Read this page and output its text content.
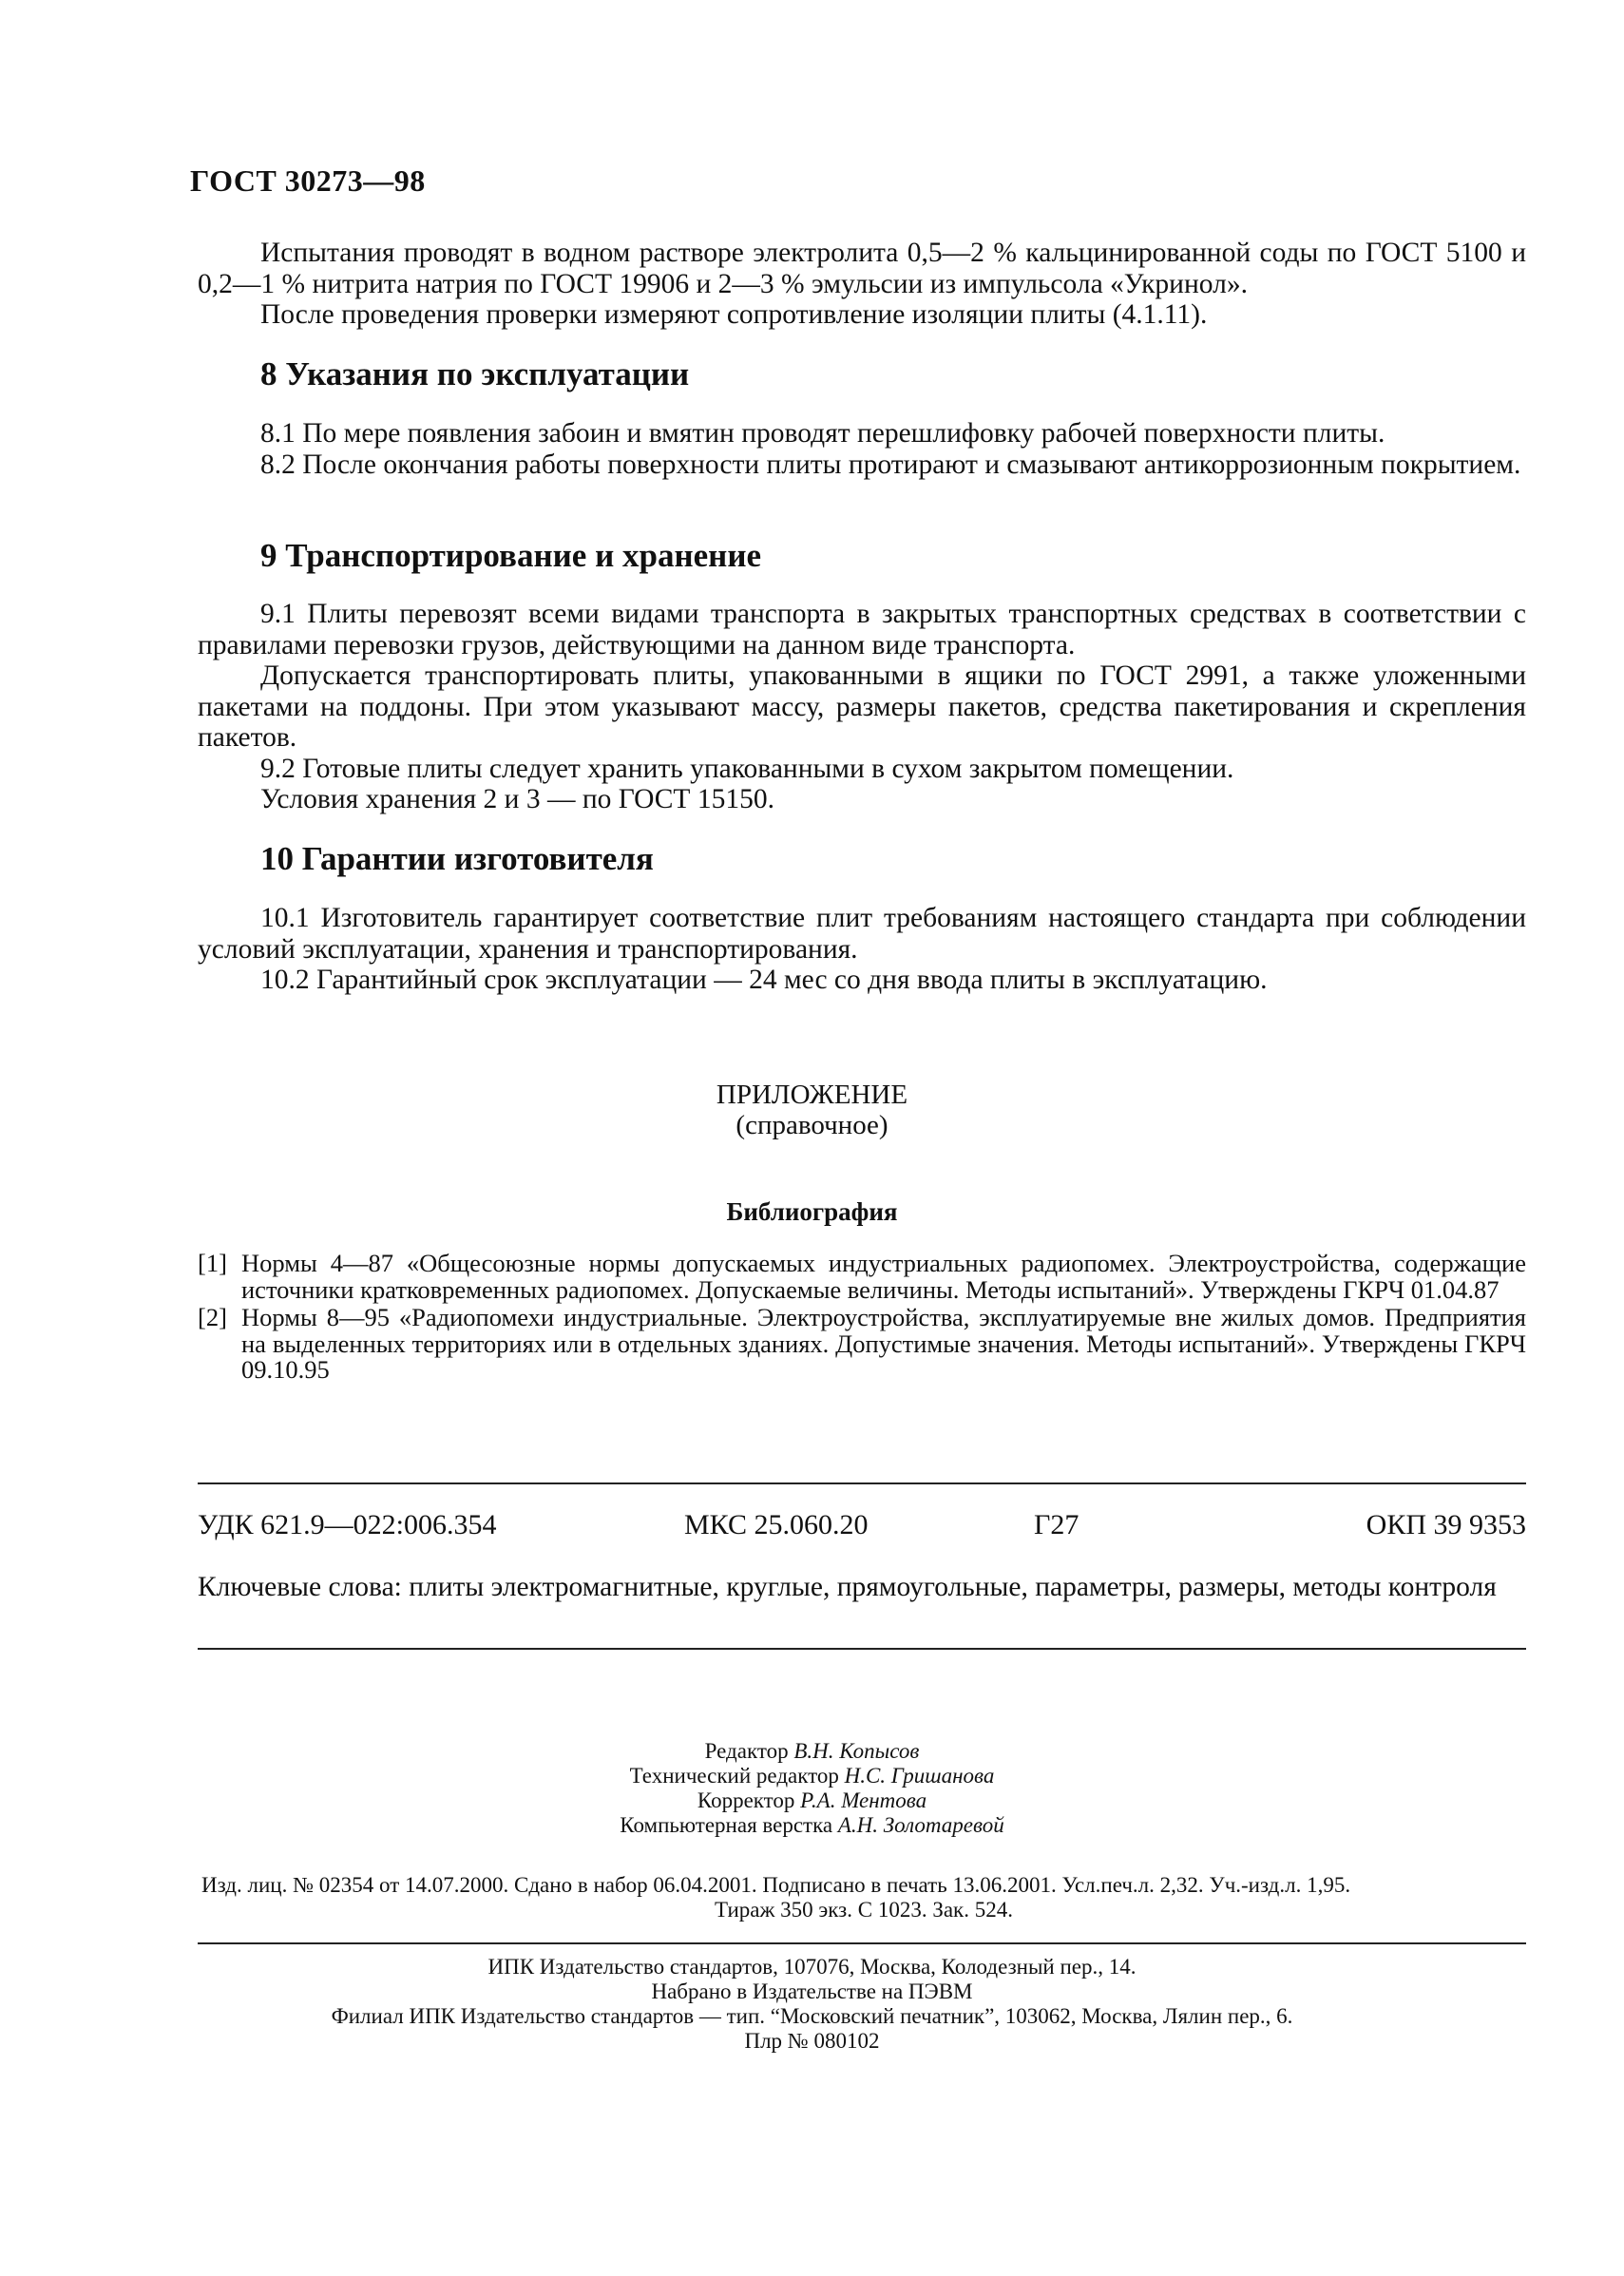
ГОСТ 30273—98

Испытания проводят в водном растворе электролита 0,5—2 % кальцинированной соды по ГОСТ 5100 и 0,2—1 % нитрита натрия по ГОСТ 19906 и 2—3 % эмульсии из импульсола «Укринол».

После проведения проверки измеряют сопротивление изоляции плиты (4.1.11).

8 Указания по эксплуатации

8.1 По мере появления забоин и вмятин проводят перешлифовку рабочей поверхности плиты.

8.2 После окончания работы поверхности плиты протирают и смазывают антикоррозионным покрытием.

9 Транспортирование и хранение

9.1 Плиты перевозят всеми видами транспорта в закрытых транспортных средствах в соответствии с правилами перевозки грузов, действующими на данном виде транспорта.

Допускается транспортировать плиты, упакованными в ящики по ГОСТ 2991, а также уложенными пакетами на поддоны. При этом указывают массу, размеры пакетов, средства пакетирования и скрепления пакетов.

9.2 Готовые плиты следует хранить упакованными в сухом закрытом помещении.

Условия хранения 2 и 3 — по ГОСТ 15150.

10 Гарантии изготовителя

10.1 Изготовитель гарантирует соответствие плит требованиям настоящего стандарта при соблюдении условий эксплуатации, хранения и транспортирования.

10.2 Гарантийный срок эксплуатации — 24 мес со дня ввода плиты в эксплуатацию.

ПРИЛОЖЕНИЕ
(справочное)
Библиография
[1] Нормы 4—87 «Общесоюзные нормы допускаемых индустриальных радиопомех. Электроустройства, содержащие источники кратковременных радиопомех. Допускаемые величины. Методы испытаний». Утверждены ГКРЧ 01.04.87
[2] Нормы 8—95 «Радиопомехи индустриальные. Электроустройства, эксплуатируемые вне жилых домов. Предприятия на выделенных территориях или в отдельных зданиях. Допустимые значения. Методы испытаний». Утверждены ГКРЧ 09.10.95
УДК 621.9—022:006.354	МКС 25.060.20	Г27	ОКП 39 9353
Ключевые слова: плиты электромагнитные, круглые, прямоугольные, параметры, размеры, методы контроля
Редактор В.Н. Копысов
Технический редактор Н.С. Гришанова
Корректор Р.А. Ментова
Компьютерная верстка А.Н. Золотаревой
Изд. лиц. № 02354 от 14.07.2000. Сдано в набор 06.04.2001. Подписано в печать 13.06.2001. Усл.печ.л. 2,32. Уч.-изд.л. 1,95.
Тираж 350 экз. С 1023. Зак. 524.
ИПК Издательство стандартов, 107076, Москва, Колодезный пер., 14.
Набрано в Издательстве на ПЭВМ
Филиал ИПК Издательство стандартов — тип. “Московский печатник”, 103062, Москва, Лялин пер., 6.
Плр № 080102
